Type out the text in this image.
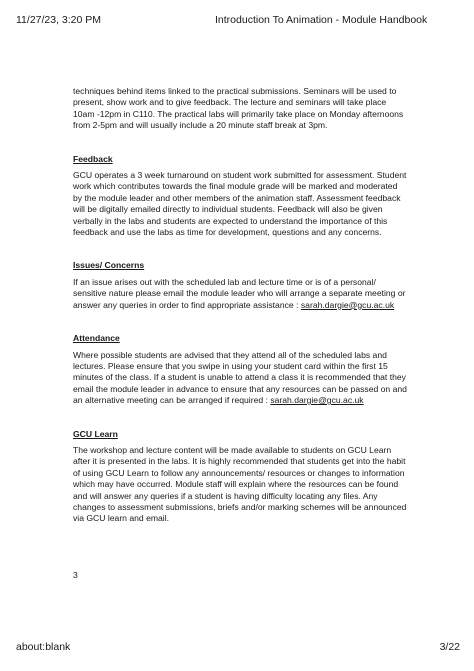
11/27/23, 3:20 PM	Introduction To Animation - Module Handbook

techniques behind items linked to the practical submissions. Seminars will be used to present, show work and to give feedback. The lecture and seminars will take place 10am -12pm in C110. The practical labs will primarily take place on Monday afternoons from 2-5pm and will usually include a 20 minute staff break at 3pm.

Feedback

GCU operates a 3 week turnaround on student work submitted for assessment. Student work which contributes towards the final module grade will be marked and moderated by the module leader and other members of the animation staff. Assessment feedback will be digitally emailed directly to individual students. Feedback will also be given verbally in the labs and students are expected to understand the importance of this feedback and use the labs as time for development, questions and any concerns.

Issues/ Concerns

If an issue arises out with the scheduled lab and lecture time or is of a personal/ sensitive nature please email the module leader who will arrange a separate meeting or answer any queries in order to find appropriate assistance : sarah.dargie@gcu.ac.uk

Attendance

Where possible students are advised that they attend all of the scheduled labs and lectures. Please ensure that you swipe in using your student card within the first 15 minutes of the class. If a student is unable to attend a class it is recommended that they email the module leader in advance to ensure that any resources can be passed on and an alternative meeting can be arranged if required : sarah.dargie@gcu.ac.uk

GCU Learn

The workshop and lecture content will be made available to students on GCU Learn after it is presented in the labs. It is highly recommended that students get into the habit of using GCU Learn to follow any announcements/ resources or changes to information which may have occurred. Module staff will explain where the resources can be found and will answer any queries if a student is having difficulty locating any files. Any changes to assessment submissions, briefs and/or marking schemes will be announced via GCU learn and email.

3
about:blank	3/22
